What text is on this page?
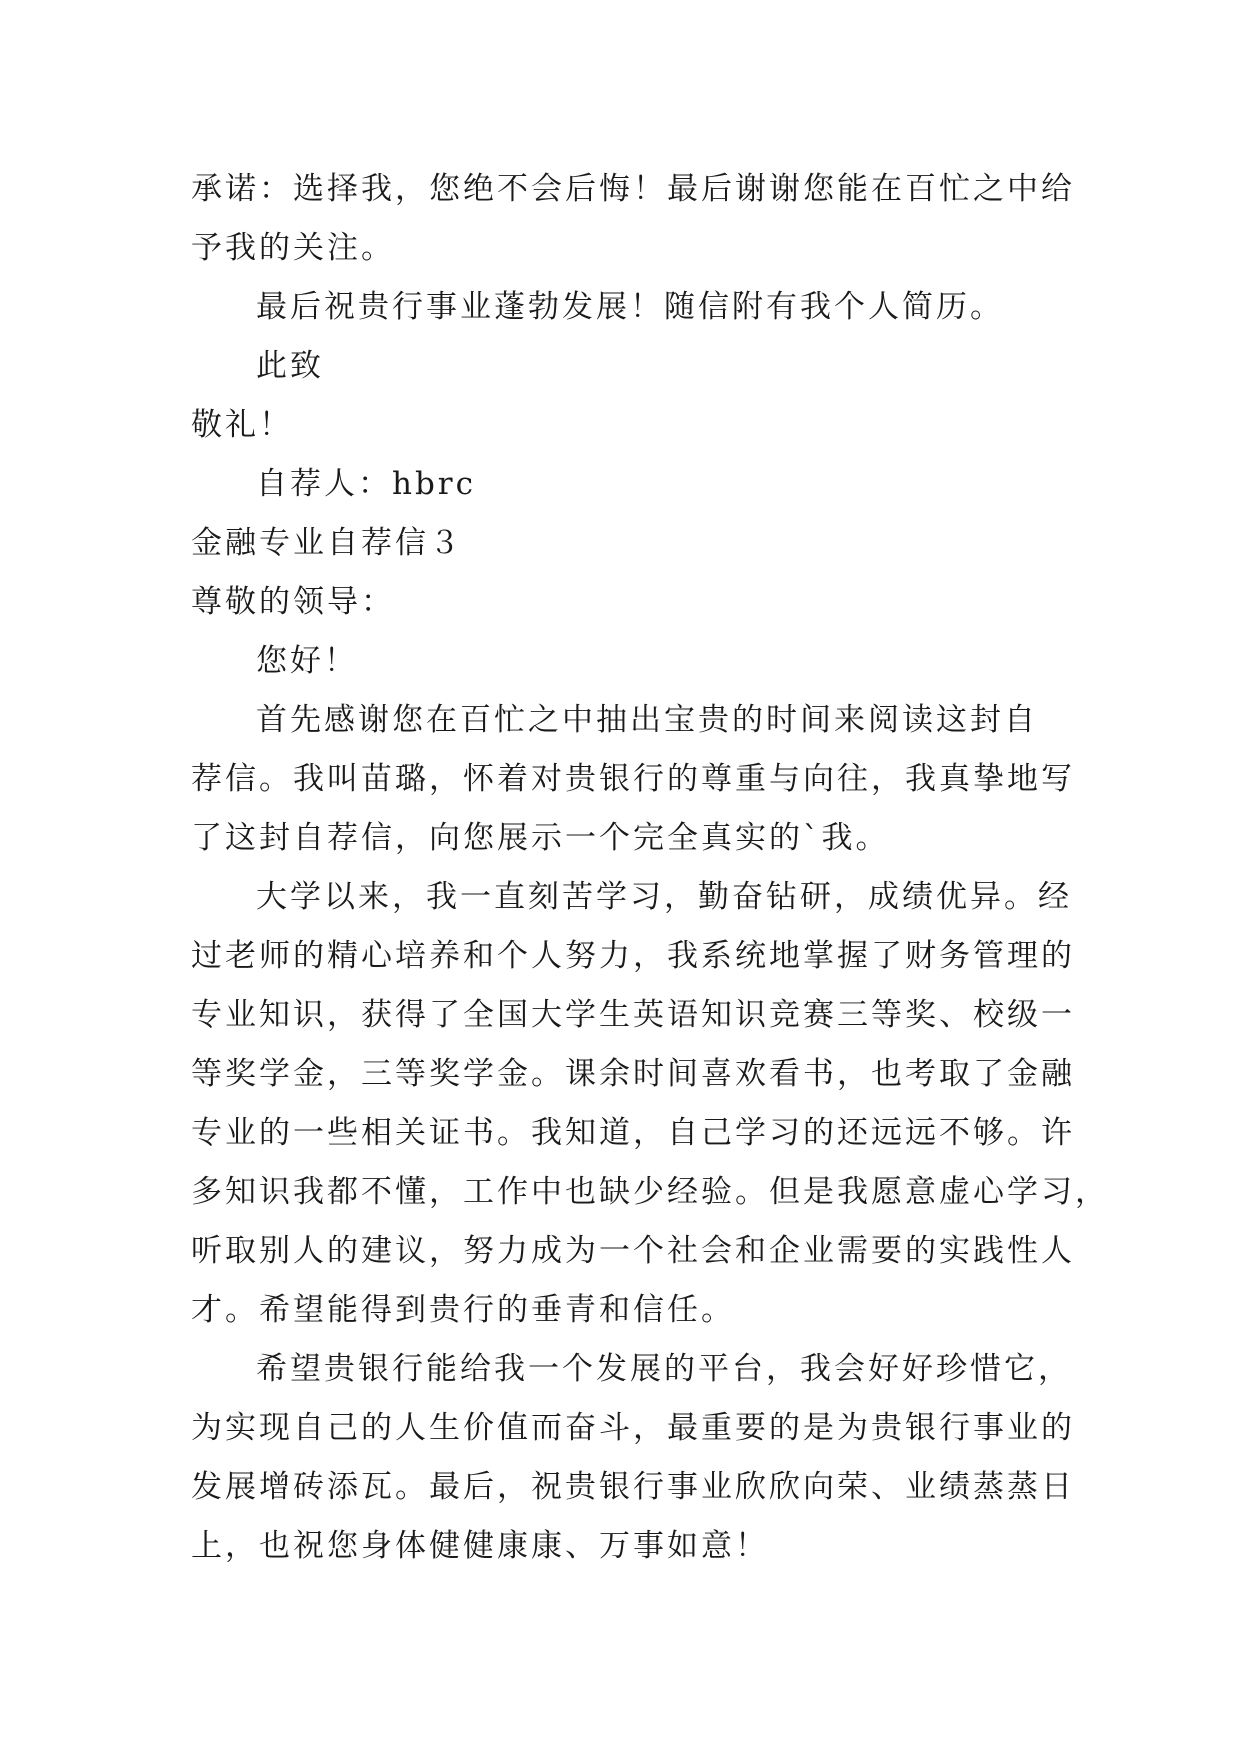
承诺：选择我，您绝不会后悔！最后谢谢您能在百忙之中给
予我的关注。
最后祝贵行事业蓬勃发展！随信附有我个人简历。
此致
敬礼！
自荐人：hbrc
金融专业自荐信３
尊敬的领导：
您好！
首先感谢您在百忙之中抽出宝贵的时间来阅读这封自
荐信。我叫苗璐，怀着对贵银行的尊重与向往，我真挚地写
了这封自荐信，向您展示一个完全真实的`我。
大学以来，我一直刻苦学习，勤奋钻研，成绩优异。经
过老师的精心培养和个人努力，我系统地掌握了财务管理的
专业知识，获得了全国大学生英语知识竞赛三等奖、校级一
等奖学金，三等奖学金。课余时间喜欢看书，也考取了金融
专业的一些相关证书。我知道，自己学习的还远远不够。许
多知识我都不懂，工作中也缺少经验。但是我愿意虚心学习，
听取别人的建议，努力成为一个社会和企业需要的实践性人
才。希望能得到贵行的垂青和信任。
希望贵银行能给我一个发展的平台，我会好好珍惜它，
为实现自己的人生价值而奋斗，最重要的是为贵银行事业的
发展增砖添瓦。最后，祝贵银行事业欣欣向荣、业绩蒸蒸日
上，也祝您身体健健康康、万事如意！
